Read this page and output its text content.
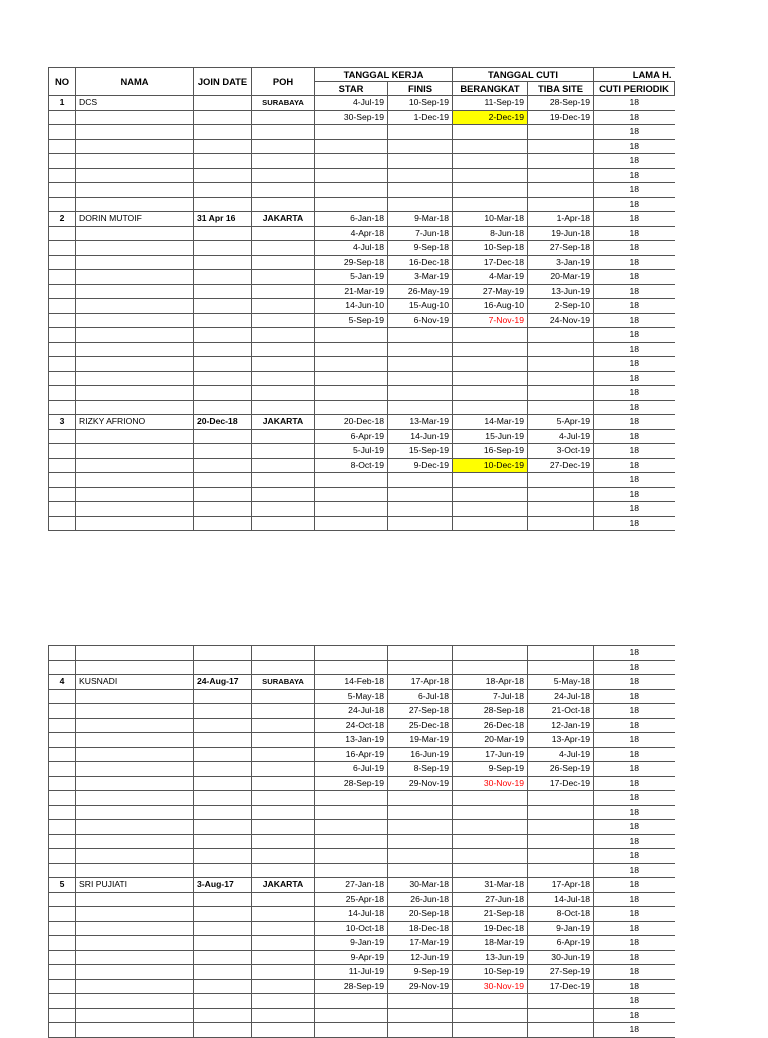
NO	NAMA	JOIN DATE	POH	TANGGAL KERJA		TANGGAL CUTI		LAMA H.
				STAR	FINIS	BERANGKAT	TIBA SITE	CUTI PERIODIK
1	DCS		SURABAYA	4-Jul-19	10-Sep-19	11-Sep-19	28-Sep-19	18
				30-Sep-19	1-Dec-19	2-Dec-19	19-Dec-19	18
								18
								18
								18
								18
								18
								18
2	DORIN MUTOIF	31 Apr 16	JAKARTA	6-Jan-18	9-Mar-18	10-Mar-18	1-Apr-18	18
				4-Apr-18	7-Jun-18	8-Jun-18	19-Jun-18	18
				4-Jul-18	9-Sep-18	10-Sep-18	27-Sep-18	18
				29-Sep-18	16-Dec-18	17-Dec-18	3-Jan-19	18
				5-Jan-19	3-Mar-19	4-Mar-19	20-Mar-19	18
				21-Mar-19	26-May-19	27-May-19	13-Jun-19	18
				14-Jun-10	15-Aug-10	16-Aug-10	2-Sep-10	18
				5-Sep-19	6-Nov-19	7-Nov-19	24-Nov-19	18
								18
								18
								18
								18
								18
								18
3	RIZKY AFRIONO	20-Dec-18	JAKARTA	20-Dec-18	13-Mar-19	14-Mar-19	5-Apr-19	18
				6-Apr-19	14-Jun-19	15-Jun-19	4-Jul-19	18
				5-Jul-19	15-Sep-19	16-Sep-19	3-Oct-19	18
				8-Oct-19	9-Dec-19	10-Dec-19	27-Dec-19	18
								18
								18
								18
								18
								18
								18
4	KUSNADI	24-Aug-17	SURABAYA	14-Feb-18	17-Apr-18	18-Apr-18	5-May-18	18
				5-May-18	6-Jul-18	7-Jul-18	24-Jul-18	18
				24-Jul-18	27-Sep-18	28-Sep-18	21-Oct-18	18
				24-Oct-18	25-Dec-18	26-Dec-18	12-Jan-19	18
				13-Jan-19	19-Mar-19	20-Mar-19	13-Apr-19	18
				16-Apr-19	16-Jun-19	17-Jun-19	4-Jul-19	18
				6-Jul-19	8-Sep-19	9-Sep-19	26-Sep-19	18
				28-Sep-19	29-Nov-19	30-Nov-19	17-Dec-19	18
								18
								18
								18
								18
								18
								18
5	SRI PUJIATI	3-Aug-17	JAKARTA	27-Jan-18	30-Mar-18	31-Mar-18	17-Apr-18	18
				25-Apr-18	26-Jun-18	27-Jun-18	14-Jul-18	18
				14-Jul-18	20-Sep-18	21-Sep-18	8-Oct-18	18
				10-Oct-18	18-Dec-18	19-Dec-18	9-Jan-19	18
				9-Jan-19	17-Mar-19	18-Mar-19	6-Apr-19	18
				9-Apr-19	12-Jun-19	13-Jun-19	30-Jun-19	18
				11-Jul-19	9-Sep-19	10-Sep-19	27-Sep-19	18
				28-Sep-19	29-Nov-19	30-Nov-19	17-Dec-19	18
								18
								18
								18
